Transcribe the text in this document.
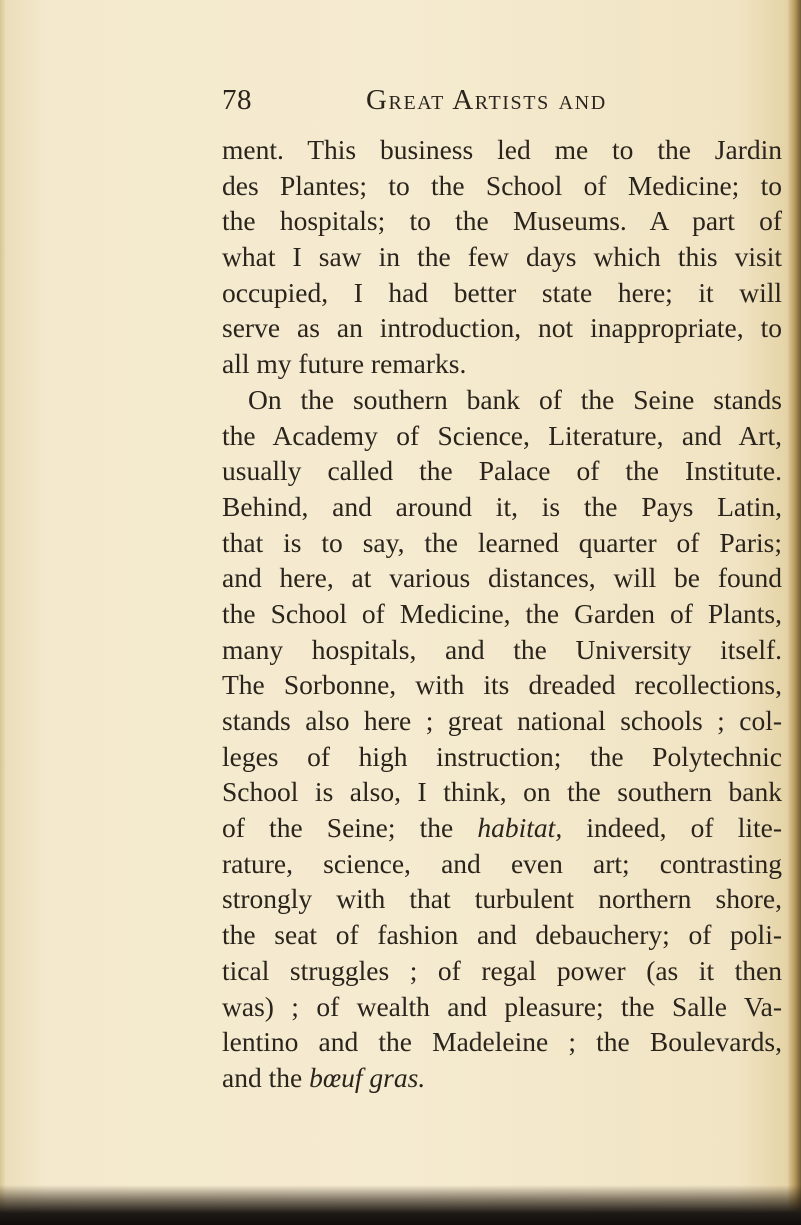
78	Great Artists and
ment. This business led me to the Jardin
des Plantes; to the School of Medicine; to
the hospitals; to the Museums. A part of
what I saw in the few days which this visit
occupied, I had better state here; it will
serve as an introduction, not inappropriate, to
all my future remarks.
On the southern bank of the Seine stands
the Academy of Science, Literature, and Art,
usually called the Palace of the Institute.
Behind, and around it, is the Pays Latin,
that is to say, the learned quarter of Paris;
and here, at various distances, will be found
the School of Medicine, the Garden of Plants,
many hospitals, and the University itself.
The Sorbonne, with its dreaded recollections,
stands also here ; great national schools ; col-
leges of high instruction; the Polytechnic
School is also, I think, on the southern bank
of the Seine; the habitat, indeed, of lite-
rature, science, and even art; contrasting
strongly with that turbulent northern shore,
the seat of fashion and debauchery; of poli-
tical struggles ; of regal power (as it then
was) ; of wealth and pleasure; the Salle Va-
lentino and the Madeleine ; the Boulevards,
and the bœuf gras.
